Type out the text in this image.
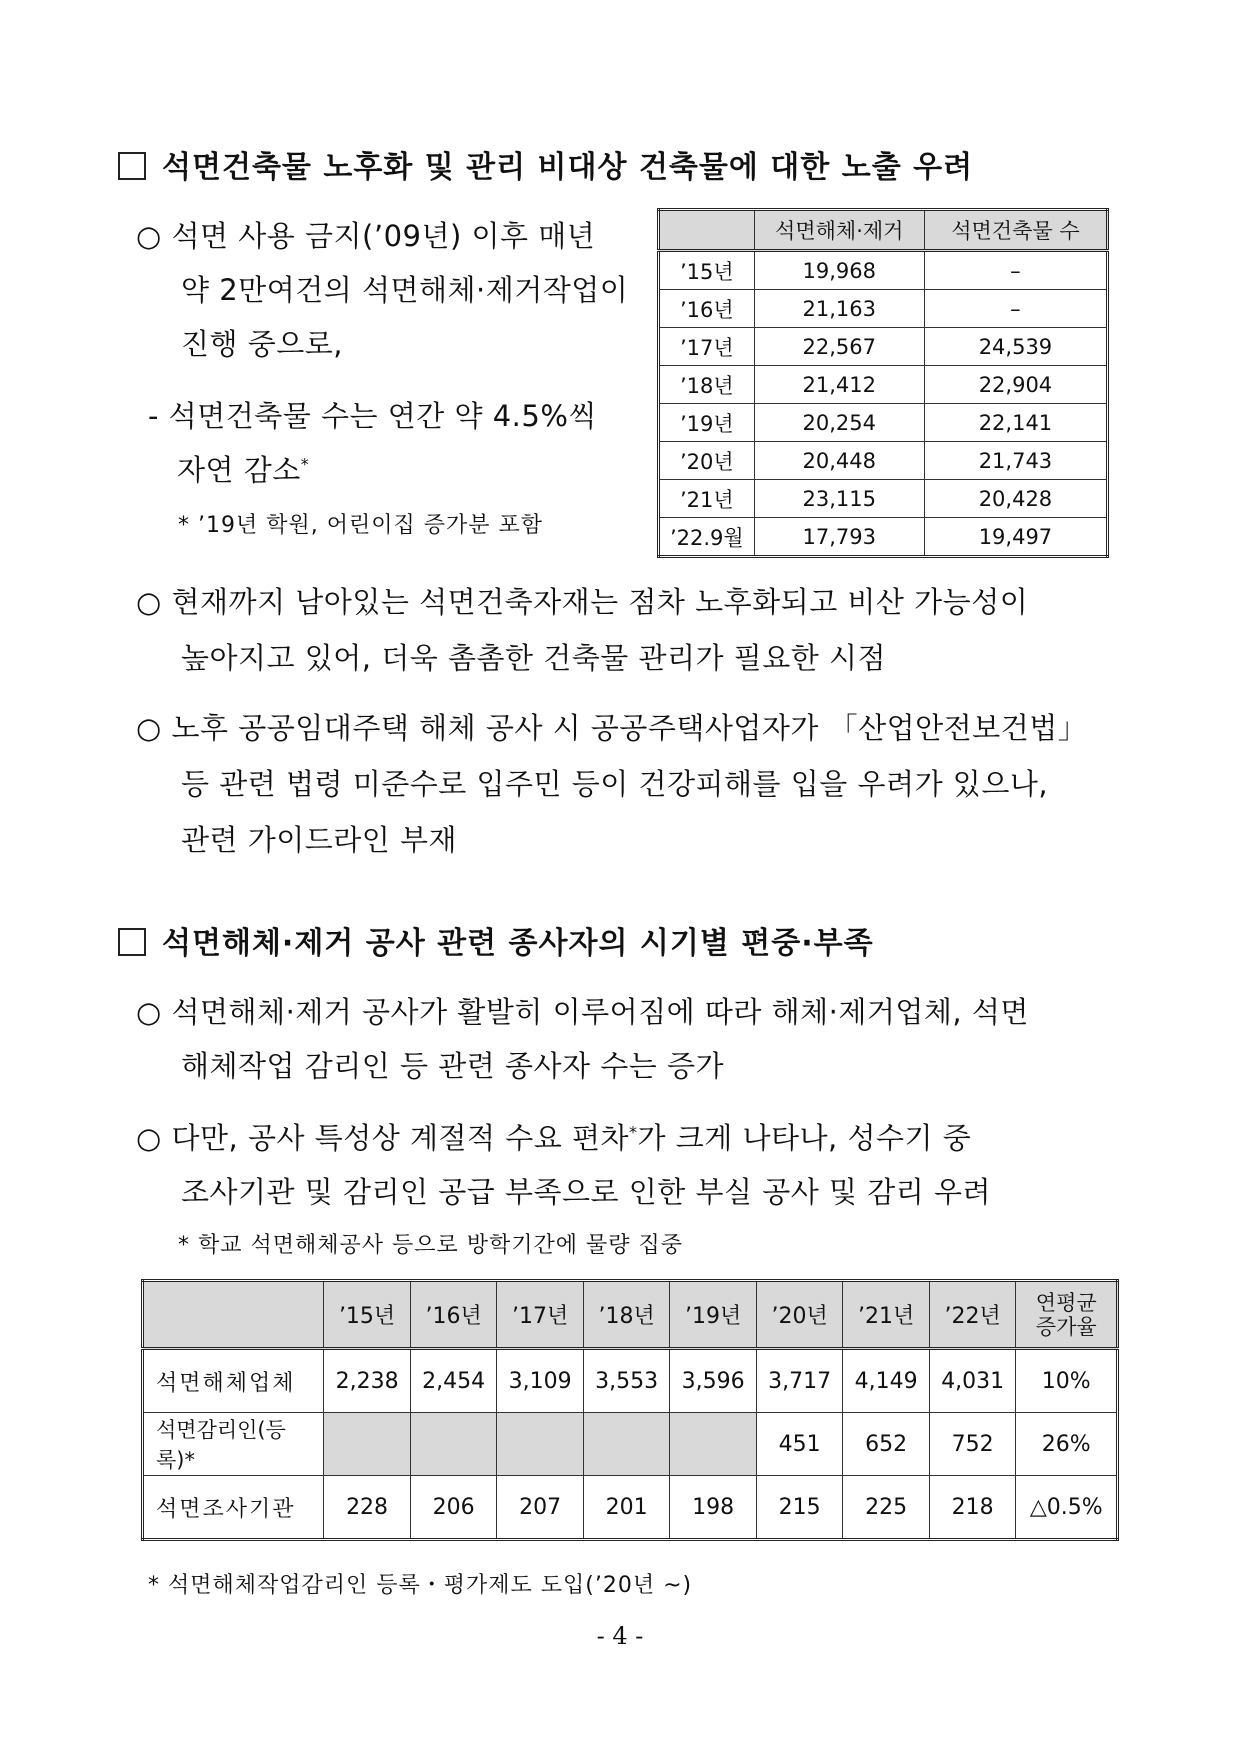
석면건축물 노후화 및 관리 비대상 건축물에 대한 노출 우려
○ 석면 사용 금지(’09년) 이후 매년
약 2만여건의 석면해체·제거작업이
진행 중으로,
- 석면건축물 수는 연간 약 4.5%씩
자연 감소*
* ’19년 학원, 어린이집 증가분 포함
	석면해체·제거	석면건축물 수
’15년	19,968	–
’16년	21,163	–
’17년	22,567	24,539
’18년	21,412	22,904
’19년	20,254	22,141
’20년	20,448	21,743
’21년	23,115	20,428
’22.9월	17,793	19,497
○ 현재까지 남아있는 석면건축자재는 점차 노후화되고 비산 가능성이
높아지고 있어, 더욱 촘촘한 건축물 관리가 필요한 시점
○ 노후 공공임대주택 해체 공사 시 공공주택사업자가 「산업안전보건법」
등 관련 법령 미준수로 입주민 등이 건강피해를 입을 우려가 있으나,
관련 가이드라인 부재
석면해체·제거 공사 관련 종사자의 시기별 편중·부족
○ 석면해체·제거 공사가 활발히 이루어짐에 따라 해체·제거업체, 석면
해체작업 감리인 등 관련 종사자 수는 증가
○ 다만, 공사 특성상 계절적 수요 편차*가 크게 나타나, 성수기 중
조사기관 및 감리인 공급 부족으로 인한 부실 공사 및 감리 우려
* 학교 석면해체공사 등으로 방학기간에 물량 집중
	’15년	’16년	’17년	’18년	’19년	’20년	’21년	’22년	연평균
증가율

석면해체업체	2,238	2,454	3,109	3,553	3,596	3,717	4,149	4,031	10%
석면감리인(등록)*						451	652	752	26%
석면조사기관	228	206	207	201	198	215	225	218	△0.5%
* 석면해체작업감리인 등록・평가제도 도입(’20년 ~)
- 4 -
